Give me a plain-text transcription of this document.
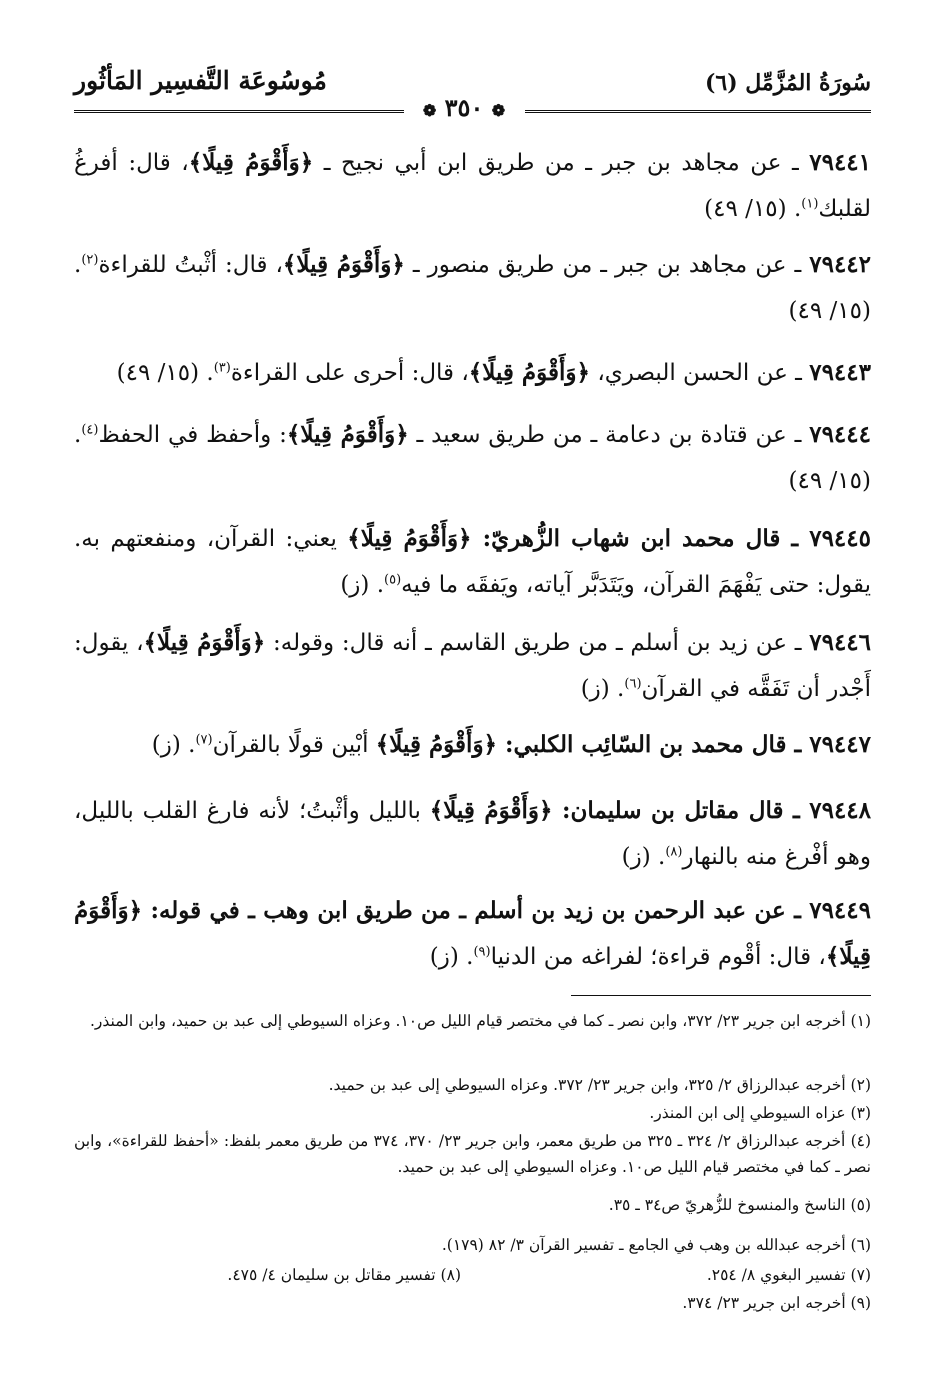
سُورَةُ المُزَّمِّل (٦)
مُوسُوعَة التَّفسِير المَأثُور
❁ ٣٥٠ ❁
٧٩٤٤١ ـ عن مجاهد بن جبر ـ من طريق ابن أبي نجيح ـ ﴿وَأَقْوَمُ قِيلًا﴾، قال: أفرغُ لقلبك$^{(١)}$. (١٥/ ٤٩)
٧٩٤٤٢ ـ عن مجاهد بن جبر ـ من طريق منصور ـ ﴿وَأَقْوَمُ قِيلًا﴾، قال: أثْبتُ للقراءة$^{(٢)}$. (١٥/ ٤٩)
٧٩٤٤٣ ـ عن الحسن البصري، ﴿وَأَقْوَمُ قِيلًا﴾، قال: أحرى على القراءة$^{(٣)}$. (١٥/ ٤٩)
٧٩٤٤٤ ـ عن قتادة بن دعامة ـ من طريق سعيد ـ ﴿وَأَقْوَمُ قِيلًا﴾: وأحفظ في الحفظ$^{(٤)}$. (١٥/ ٤٩)
٧٩٤٤٥ ـ قال محمد ابن شهاب الزُّهريّ: ﴿وَأَقْوَمُ قِيلًا﴾ يعني: القرآن، ومنفعتهم به. يقول: حتى يَفْهَمَ القرآن، ويَتَدَبَّر آياته، ويَفقَه ما فيه$^{(٥)}$. (ز)
٧٩٤٤٦ ـ عن زيد بن أسلم ـ من طريق القاسم ـ أنه قال: وقوله: ﴿وَأَقْوَمُ قِيلًا﴾، يقول: أَجْدر أن تَفَقَّه في القرآن$^{(٦)}$. (ز)
٧٩٤٤٧ ـ قال محمد بن السّائِب الكلبي: ﴿وَأَقْوَمُ قِيلًا﴾ أبْين قولًا بالقرآن$^{(٧)}$. (ز)
٧٩٤٤٨ ـ قال مقاتل بن سليمان: ﴿وَأَقْوَمُ قِيلًا﴾ بالليل وأثْبتُ؛ لأنه فارغ القلب بالليل، وهو أفْرغ منه بالنهار$^{(٨)}$. (ز)
٧٩٤٤٩ ـ عن عبد الرحمن بن زيد بن أسلم ـ من طريق ابن وهب ـ في قوله: ﴿وَأَقْوَمُ قِيلًا﴾، قال: أقْوم قراءة؛ لفراغه من الدنيا$^{(٩)}$. (ز)
(١) أخرجه ابن جرير ٢٣/ ٣٧٢، وابن نصر ـ كما في مختصر قيام الليل ص١٠. وعزاه السيوطي إلى عبد بن حميد، وابن المنذر.
(٢) أخرجه عبدالرزاق ٢/ ٣٢٥، وابن جرير ٢٣/ ٣٧٢. وعزاه السيوطي إلى عبد بن حميد.
(٣) عزاه السيوطي إلى ابن المنذر.
(٤) أخرجه عبدالرزاق ٢/ ٣٢٤ ـ ٣٢٥ من طريق معمر، وابن جرير ٢٣/ ٣٧٠، ٣٧٤ من طريق معمر بلفظ: «أحفظ للقراءة»، وابن نصر ـ كما في مختصر قيام الليل ص١٠. وعزاه السيوطي إلى عبد بن حميد.
(٥) الناسخ والمنسوخ للزُّهريّ ص٣٤ ـ ٣٥.
(٦) أخرجه عبدالله بن وهب في الجامع ـ تفسير القرآن ٣/ ٨٢ (١٧٩).
(٧) تفسير البغوي ٨/ ٢٥٤.
(٨) تفسير مقاتل بن سليمان ٤/ ٤٧٥.
(٩) أخرجه ابن جرير ٢٣/ ٣٧٤.
